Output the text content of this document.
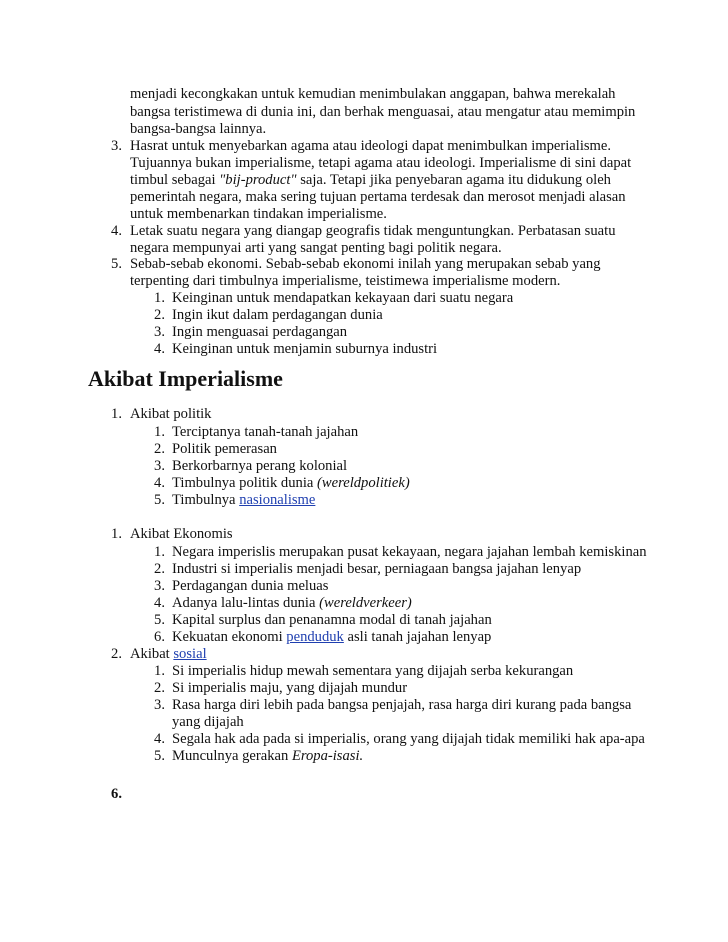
menjadi kecongkakan untuk kemudian menimbulakan anggapan, bahwa merekalah
bangsa teristimewa di dunia ini, dan berhak menguasai, atau mengatur atau memimpin
bangsa-bangsa lainnya.
3. Hasrat untuk menyebarkan agama atau ideologi dapat menimbulkan imperialisme.
Tujuannya bukan imperialisme, tetapi agama atau ideologi. Imperialisme di sini dapat
timbul sebagai "bij-product" saja. Tetapi jika penyebaran agama itu didukung oleh
pemerintah negara, maka sering tujuan pertama terdesak dan merosot menjadi alasan
untuk membenarkan tindakan imperialisme.
4. Letak suatu negara yang diangap geografis tidak menguntungkan. Perbatasan suatu
negara mempunyai arti yang sangat penting bagi politik negara.
5. Sebab-sebab ekonomi. Sebab-sebab ekonomi inilah yang merupakan sebab yang
terpenting dari timbulnya imperialisme, teistimewa imperialisme modern.
1. Keinginan untuk mendapatkan kekayaan dari suatu negara
2. Ingin ikut dalam perdagangan dunia
3. Ingin menguasai perdagangan
4. Keinginan untuk menjamin suburnya industri
Akibat Imperialisme
1. Akibat politik
1. Terciptanya tanah-tanah jajahan
2. Politik pemerasan
3. Berkorbarnya perang kolonial
4. Timbulnya politik dunia (wereldpolitiek)
5. Timbulnya nasionalisme
1. Akibat Ekonomis
1. Negara imperislis merupakan pusat kekayaan, negara jajahan lembah kemiskinan
2. Industri si imperialis menjadi besar, perniagaan bangsa jajahan lenyap
3. Perdagangan dunia meluas
4. Adanya lalu-lintas dunia (wereldverkeer)
5. Kapital surplus dan penanamna modal di tanah jajahan
6. Kekuatan ekonomi penduduk asli tanah jajahan lenyap
2. Akibat sosial
1. Si imperialis hidup mewah sementara yang dijajah serba kekurangan
2. Si imperialis maju, yang dijajah mundur
3. Rasa harga diri lebih pada bangsa penjajah, rasa harga diri kurang pada bangsa
yang dijajah
4. Segala hak ada pada si imperialis, orang yang dijajah tidak memiliki hak apa-apa
5. Munculnya gerakan Eropa-isasi.
6.
